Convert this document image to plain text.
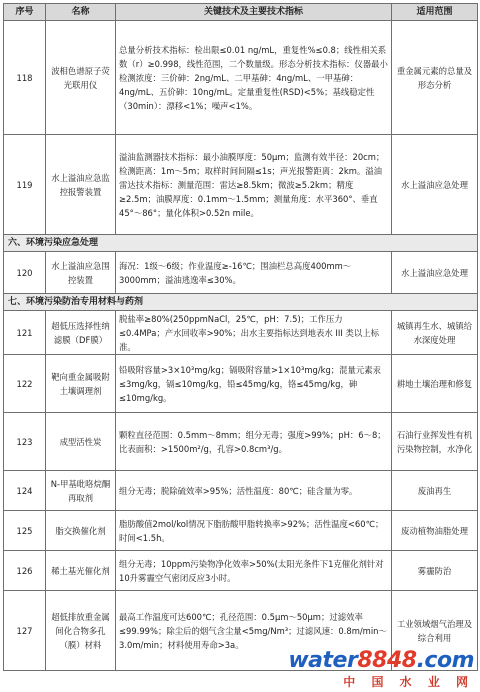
序号	名称	关键技术及主要技术指标	适用范围
118	波相色谱原子荧光联用仪	总量分析技术指标：检出限≤0.01 ng/mL，重复性%≤0.8；线性相关系数（r）≥0.998，线性范围，二个数量级。形态分析技术指标：仪器最小检测浓度：三价砷：2ng/mL、二甲基砷：4ng/mL、一甲基砷：4ng/mL、五价砷：10ng/mL。定量重复性(RSD)<5%；基线稳定性（30min）：漂移<1%；噪声<1%。	重金属元素的总量及形态分析
119	水上溢油应急监控报警装置	溢油监测器技术指标：最小油膜厚度：50μm；监测有效半径：20cm；检测距离：1m～5m；取样时间间隔≤1s；声光报警距离：2km。溢油雷达技术指标：测量范围：雷达≥8.5km；微波≥5.2km；精度≥2.5m；油膜厚度：0.1mm～1.5mm；测量角度：水平360°、垂直45°～86°；量化体积>0.52n mile。	水上溢油应急处理
六、环境污染应急处理			
120	水上溢油应急围控装置	海况：1级～6级；作业温度≥-16℃；围油栏总高度400mm～3000mm；溢油逃逸率≤30%。	水上溢油应急处理
七、环境污染防治专用材料与药剂			
121	超低压选择性纳滤膜（DF膜）	脱盐率≥80%(250ppmNaCl，25℃，pH：7.5)；工作压力≤0.4MPa；产水回收率>90%；出水主要指标达到地表水 III 类以上标准。	城镇再生水、城镇给水深度处理
122	靶向重金属吸附土壤调理剂	铅吸附容量>3×10³mg/kg；镉吸附容量>1×10³mg/kg；混量元素汞≤3mg/kg，镉≤10mg/kg，铅≤45mg/kg，铬≤45mg/kg，砷≤10mg/kg。	耕地土壤治理和修复
123	成型活性炭	颗粒直径范围：0.5mm～8mm；组分无毒；强度>99%；pH：6～8；比表面积：>1500m²/g，孔容>0.8cm³/g。	石油行业挥发性有机污染物控制，水净化
124	N-甲基吡咯烷酮再取剂	组分无毒；脱除硫效率>95%；活性温度：80℃；硅含量为零。	废油再生
125	脂交换催化剂	脂肪酸值2mol/kol情况下脂肪酸甲脂转换率>92%；活性温度<60℃；时间<1.5h。	废动植物油脂处理
126	稀土基光催化剂	组分无毒；10ppm污染物净化效率>50%(太阳光条件下1克催化剂针对10升雾霾空气密闭反应3小时。	雾霾防治
127	超低排放重金属间化合物多孔（膜）材料	最高工作温度可达600℃；孔径范围：0.5μm～50μm；过滤效率≤99.99%；除尘后的烟气含尘量<5mg/Nm³；过滤风速：0.8m/min～3.0m/min；材料使用寿命>3a。	工业领域烟气治理及综合利用
water8848.com
中 国 水 业 网
